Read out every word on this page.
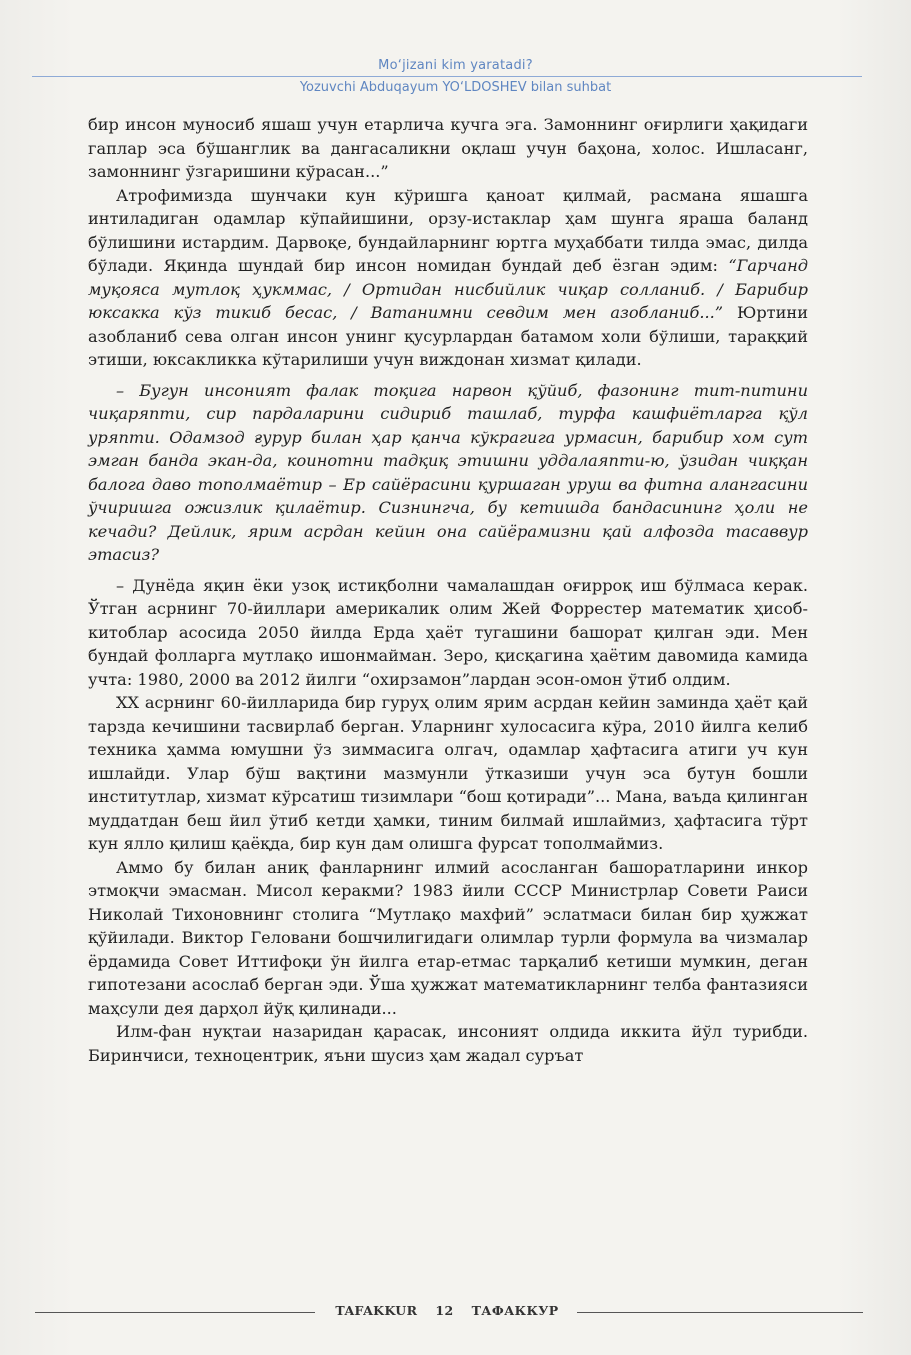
Mo‘jizani kim yaratadi?
Yozuvchi Abduqayum YO‘LDOSHEV bilan suhbat

бир инсон муносиб яшаш учун етарлича кучга эга. Замоннинг оғирлиги ҳақидаги гаплар эса бўшанглик ва дангасаликни оқлаш учун баҳона, холос. Ишласанг, замоннинг ўзгаришини кўрасан...”

Атрофимизда шунчаки кун кўришга қаноат қилмай, расмана яшашга интиладиган одамлар кўпайишини, орзу-истаклар ҳам шунга яраша баланд бўлишини истардим. Дарвоқе, бундайларнинг юртга муҳаббати тилда эмас, дилда бўлади. Яқинда шундай бир инсон номидан бундай деб ёзган эдим: “Гарчанд муқояса мутлоқ ҳукммас, / Ортидан нисбийлик чиқар солланиб. / Барибир юксакка кўз тикиб бесас, / Ватанимни севдим мен азобланиб...” Юртини азобланиб сева олган инсон унинг қусурлардан батамом холи бўлиши, тараққий этиши, юксакликка кўтарилиши учун виждонан хизмат қилади.

– Бугун инсоният фалак тоқига нарвон қўйиб, фазонинг тит-питини чиқаряпти, сир пардаларини сидириб ташлаб, турфа кашфиётларга қўл уряпти. Одамзод ғурур билан ҳар қанча кўкрагига урмасин, барибир хом сут эмган банда экан-да, коинотни тадқиқ этишни уддалаяпти-ю, ўзидан чиққан балога даво тополмаётир – Ер сайёрасини қуршаган уруш ва фитна алангасини ўчиришга ожизлик қилаётир. Сизнингча, бу кетишда бандасининг ҳоли не кечади? Дейлик, ярим асрдан кейин она сайёрамизни қай алфозда тасаввур этасиз?

– Дунёда яқин ёки узоқ истиқболни чамалашдан оғирроқ иш бўлмаса керак. Ўтган асрнинг 70-йиллари америкалик олим Жей Форрестер математик ҳисоб-китоблар асосида 2050 йилда Ерда ҳаёт тугашини башорат қилган эди. Мен бундай фолларга мутлақо ишонмайман. Зеро, қисқагина ҳаётим давомида камида учта: 1980, 2000 ва 2012 йилги “охирзамон”лардан эсон-омон ўтиб олдим.

XX асрнинг 60-йилларида бир гуруҳ олим ярим асрдан кейин заминда ҳаёт қай тарзда кечишини тасвирлаб берган. Уларнинг хулосасига кўра, 2010 йилга келиб техника ҳамма юмушни ўз зиммасига олгач, одамлар ҳафтасига атиги уч кун ишлайди. Улар бўш вақтини мазмунли ўтказиши учун эса бутун бошли институтлар, хизмат кўрсатиш тизимлари “бош қотиради”... Мана, ваъда қилинган муддатдан беш йил ўтиб кетди ҳамки, тиним билмай ишлаймиз, ҳафтасига тўрт кун ялло қилиш қаёқда, бир кун дам олишга фурсат тополмаймиз.

Аммо бу билан аниқ фанларнинг илмий асосланган башоратларини инкор этмоқчи эмасман. Мисол керакми? 1983 йили СССР Министрлар Совети Раиси Николай Тихоновнинг столига “Мутлақо махфий” эслатмаси билан бир ҳужжат қўйилади. Виктор Геловани бошчилигидаги олимлар турли формула ва чизмалар ёрдамида Совет Иттифоқи ўн йилга етар-етмас тарқалиб кетиши мумкин, деган гипотезани асослаб берган эди. Ўша ҳужжат математикларнинг телба фантазияси маҳсули дея дарҳол йўқ қилинади...

Илм-фан нуқтаи назаридан қарасак, инсоният олдида иккита йўл турибди. Биринчиси, техноцентрик, яъни шусиз ҳам жадал суръат

TAFAKKUR 12 ТАФАККУР
